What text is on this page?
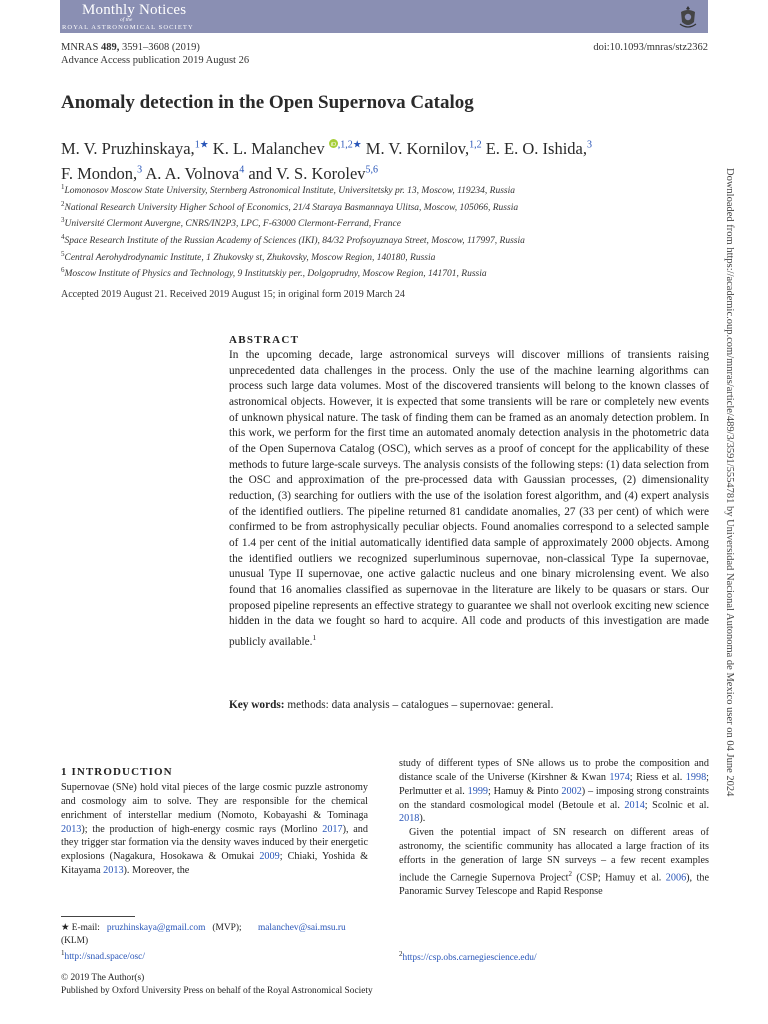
Monthly Notices
of the
ROYAL ASTRONOMICAL SOCIETY
MNRAS 489, 3591–3608 (2019)
Advance Access publication 2019 August 26
doi:10.1093/mnras/stz2362
Anomaly detection in the Open Supernova Catalog
M. V. Pruzhinskaya,$^{1★}$ K. L. Malanchev iD $^{,1,2★}$ M. V. Kornilov,$^{1,2}$ E. E. O. Ishida,$^3$
F. Mondon,$^3$ A. A. Volnova$^4$ and V. S. Korolev$^{5,6}$
$^1$Lomonosov Moscow State University, Sternberg Astronomical Institute, Universitetsky pr. 13, Moscow, 119234, Russia
$^2$National Research University Higher School of Economics, 21/4 Staraya Basmannaya Ulitsa, Moscow, 105066, Russia
$^3$Université Clermont Auvergne, CNRS/IN2P3, LPC, F-63000 Clermont-Ferrand, France
$^4$Space Research Institute of the Russian Academy of Sciences (IKI), 84/32 Profsoyuznaya Street, Moscow, 117997, Russia
$^5$Central Aerohydrodynamic Institute, 1 Zhukovsky st, Zhukovsky, Moscow Region, 140180, Russia
$^6$Moscow Institute of Physics and Technology, 9 Institutskiy per., Dolgoprudny, Moscow Region, 141701, Russia
Accepted 2019 August 21. Received 2019 August 15; in original form 2019 March 24
ABSTRACT
In the upcoming decade, large astronomical surveys will discover millions of transients raising unprecedented data challenges in the process. Only the use of the machine learning algorithms can process such large data volumes. Most of the discovered transients will belong to the known classes of astronomical objects. However, it is expected that some transients will be rare or completely new events of unknown physical nature. The task of finding them can be framed as an anomaly detection problem. In this work, we perform for the first time an automated anomaly detection analysis in the photometric data of the Open Supernova Catalog (OSC), which serves as a proof of concept for the applicability of these methods to future large-scale surveys. The analysis consists of the following steps: (1) data selection from the OSC and approximation of the pre-processed data with Gaussian processes, (2) dimensionality reduction, (3) searching for outliers with the use of the isolation forest algorithm, and (4) expert analysis of the identified outliers. The pipeline returned 81 candidate anomalies, 27 (33 per cent) of which were confirmed to be from astrophysically peculiar objects. Found anomalies correspond to a selected sample of 1.4 per cent of the initial automatically identified data sample of approximately 2000 objects. Among the identified outliers we recognized superluminous supernovae, non-classical Type Ia supernovae, unusual Type II supernovae, one active galactic nucleus and one binary microlensing event. We also found that 16 anomalies classified as supernovae in the literature are likely to be quasars or stars. Our proposed pipeline represents an effective strategy to guarantee we shall not overlook exciting new science hidden in the data we fought so hard to acquire. All code and products of this investigation are made publicly available.$^1$
Key words: methods: data analysis – catalogues – supernovae: general.
1 INTRODUCTION
Supernovae (SNe) hold vital pieces of the large cosmic puzzle astronomy and cosmology aim to solve. They are responsible for the chemical enrichment of interstellar medium (Nomoto, Kobayashi & Tominaga 2013); the production of high-energy cosmic rays (Morlino 2017), and they trigger star formation via the density waves induced by their energetic explosions (Nagakura, Hosokawa & Omukai 2009; Chiaki, Yoshida & Kitayama 2013). Moreover, the
study of different types of SNe allows us to probe the composition and distance scale of the Universe (Kirshner & Kwan 1974; Riess et al. 1998; Perlmutter et al. 1999; Hamuy & Pinto 2002) – imposing strong constraints on the standard cosmological model (Betoule et al. 2014; Scolnic et al. 2018).
Given the potential impact of SN research on different areas of astronomy, the scientific community has allocated a large fraction of its efforts in the generation of large SN surveys – a few recent examples include the Carnegie Supernova Project$^2$ (CSP; Hamuy et al. 2006), the Panoramic Survey Telescope and Rapid Response
★ E-mail: pruzhinskaya@gmail.com (MVP); malanchev@sai.msu.ru
(KLM)
$^1$http://snad.space/osc/	$^2$https://csp.obs.carnegiescience.edu/
© 2019 The Author(s)
Published by Oxford University Press on behalf of the Royal Astronomical Society
Downloaded from https://academic.oup.com/mnras/article/489/3/3591/5554781 by Universidad Nacional Autonoma de Mexico user on 04 June 2024
